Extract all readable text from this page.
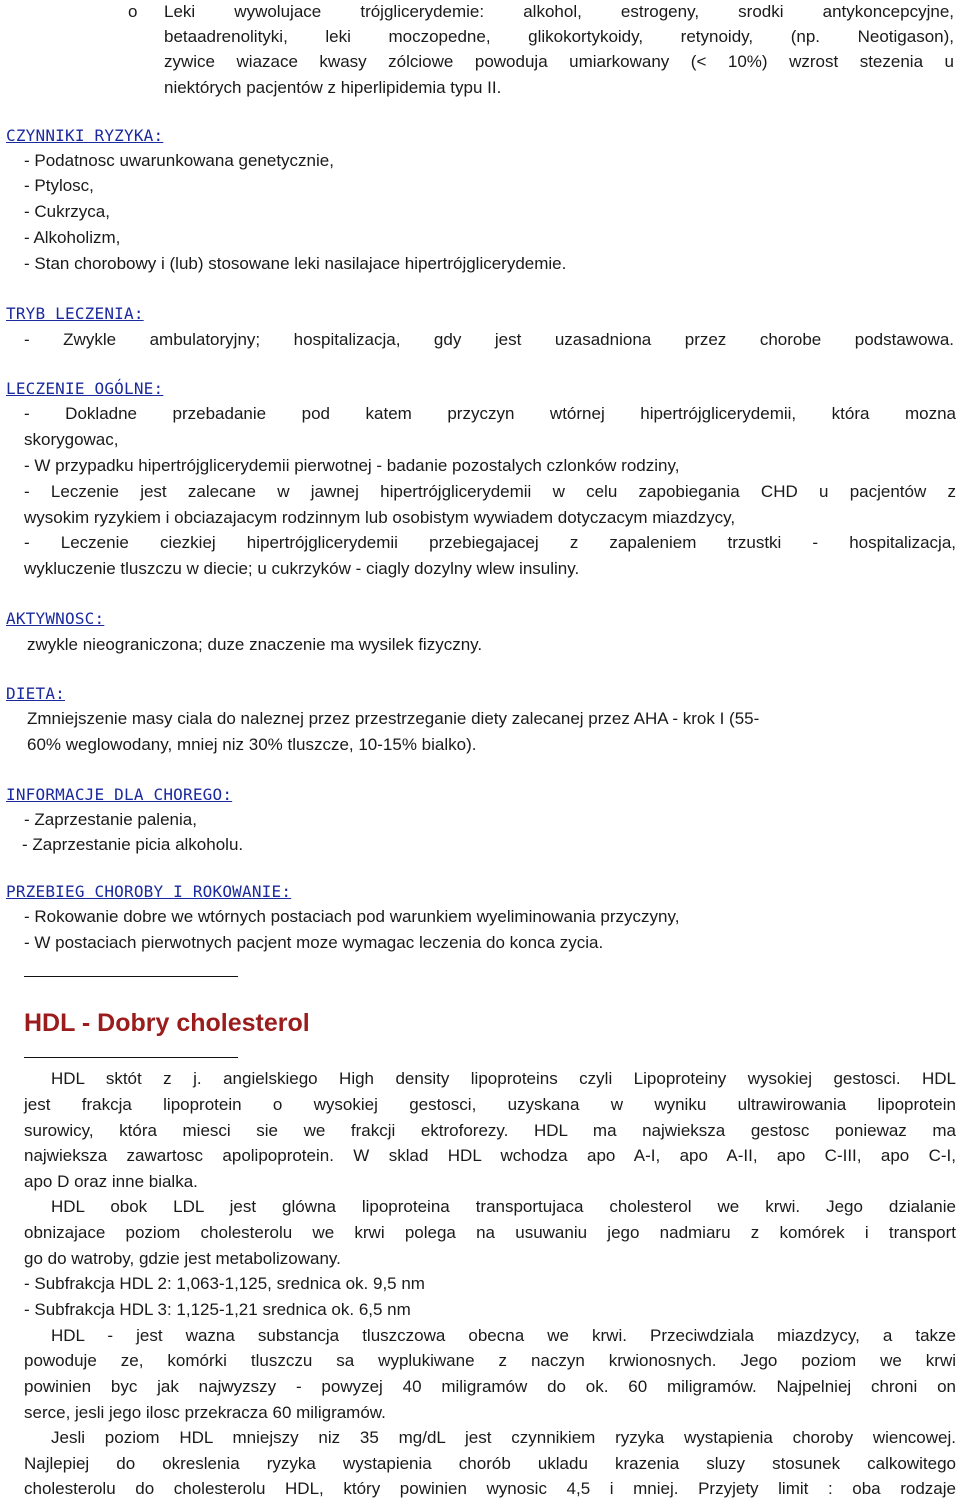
o Leki wywolujace trójglicerydemie: alkohol, estrogeny, srodki antykoncepcyjne,
betaadrenolityki, leki moczopedne, glikokortykoidy, retynoidy, (np. Neotigason),
zywice wiazace kwasy zólciowe powoduja umiarkowany (< 10%) wzrost stezenia u
niektórych pacjentów z hiperlipidemia typu II.
CZYNNIKI RYZYKA:
- Podatnosc uwarunkowana genetycznie,
- Ptylosc,
- Cukrzyca,
- Alkoholizm,
- Stan chorobowy i (lub) stosowane leki nasilajace hipertrójglicerydemie.
TRYB LECZENIA:
- Zwykle ambulatoryjny; hospitalizacja, gdy jest uzasadniona przez chorobe podstawowa.
LECZENIE OGÓLNE:
- Dokladne przebadanie pod katem przyczyn wtórnej hipertrójglicerydemii, która mozna
skorygowac,
- W przypadku hipertrójglicerydemii pierwotnej - badanie pozostalych czlonków rodziny,
- Leczenie jest zalecane w jawnej hipertrójglicerydemii w celu zapobiegania CHD u pacjentów z
wysokim ryzykiem i obciazajacym rodzinnym lub osobistym wywiadem dotyczacym miazdzycy,
- Leczenie ciezkiej hipertrójglicerydemii przebiegajacej z zapaleniem trzustki - hospitalizacja,
wykluczenie tluszczu w diecie; u cukrzyków - ciagly dozylny wlew insuliny.
AKTYWNOSC:
zwykle nieograniczona; duze znaczenie ma wysilek fizyczny.
DIETA:
Zmniejszenie masy ciala do naleznej przez przestrzeganie diety zalecanej przez AHA - krok I (55-
60% weglowodany, mniej niz 30% tluszcze, 10-15% bialko).
INFORMACJE DLA CHOREGO:
- Zaprzestanie palenia,
- Zaprzestanie picia alkoholu.
PRZEBIEG CHOROBY I ROKOWANIE:
- Rokowanie dobre we wtórnych postaciach pod warunkiem wyeliminowania przyczyny,
- W postaciach pierwotnych pacjent moze wymagac leczenia do konca zycia.
HDL - Dobry cholesterol
HDL sktót z j. angielskiego High density lipoproteins czyli Lipoproteiny wysokiej gestosci. HDL
jest frakcja lipoprotein o wysokiej gestosci, uzyskana w wyniku ultrawirowania lipoprotein
surowicy, która miesci sie we frakcji ektroforezy. HDL ma najwieksza gestosc poniewaz ma
najwieksza zawartosc apolipoprotein. W sklad HDL wchodza apo A-I, apo A-II, apo C-III, apo C-I,
apo D oraz inne bialka.
HDL obok LDL jest glówna lipoproteina transportujaca cholesterol we krwi. Jego dzialanie
obnizajace poziom cholesterolu we krwi polega na usuwaniu jego nadmiaru z komórek i transport
go do watroby, gdzie jest metabolizowany.
- Subfrakcja HDL 2: 1,063-1,125, srednica ok. 9,5 nm
- Subfrakcja HDL 3: 1,125-1,21 srednica ok. 6,5 nm
HDL - jest wazna substancja tluszczowa obecna we krwi. Przeciwdziala miazdzycy, a takze
powoduje ze, komórki tluszczu sa wyplukiwane z naczyn krwionosnych. Jego poziom we krwi
powinien byc jak najwyzszy - powyzej 40 miligramów do ok. 60 miligramów. Najpelniej chroni on
serce, jesli jego ilosc przekracza 60 miligramów.
Jesli poziom HDL mniejszy niz 35 mg/dL jest czynnikiem ryzyka wystapienia choroby wiencowej.
Najlepiej do okreslenia ryzyka wystapienia chorób ukladu krazenia sluzy stosunek calkowitego
cholesterolu do cholesterolu HDL, który powinien wynosic 4,5 i mniej. Przyjety limit : oba rodzaje
